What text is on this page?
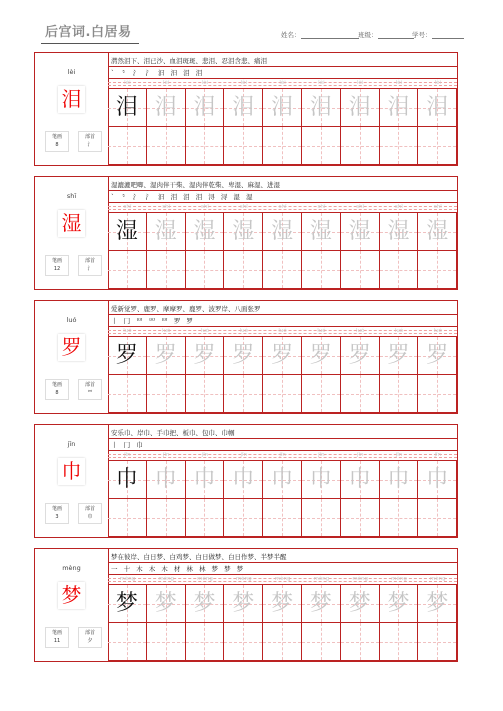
后宫词.白居易	姓名：	班级：	学号：
lèi
泪
笔画
8
部首
氵
潸然泪下、泪已沙、血泪斑斑、悲泪、忍泪含悲、痛泪
` ⺀ 氵 氵 汩 汩 泪 泪
lèi	lèi	lèi	lèi	lèi	lèi	lèi	lèi	lèi
泪 泪 泪 泪 泪 泪 泪 泪 泪
shī
湿
笔画
12
部首
氵
湿漉漉吧唧、湿肉伴干柴、湿肉伴乾柴、卑湿、麻湿、进湿
` ⺀ 氵 氵 汩 泪 泪 泪 浔 浔 湿 湿
shī	shī	shī	shī	shī	shī	shī	shī	shī
湿 湿 湿 湿 湿 湿 湿 湿 湿
luó
罗
笔画
8
部首
罒
爱新觉罗、鹿罗、摩摩罗、鹿罗、波罗岸、八面张罗
丨 冂 罒 罒 罒 罗 罗
luó	luó	luó	luó	luó	luó	luó	luó	luó
罗 罗 罗 罗 罗 罗 罗 罗 罗
jīn
巾
笔画
3
部首
巾
安乐巾、岸巾、手巾把、板巾、包巾、巾帼
丨 冂 巾
jīn	jīn	jīn	jīn	jīn	jīn	jīn	jīn	jīn
巾 巾 巾 巾 巾 巾 巾 巾 巾
mèng
梦
笔画
11
部首
夕
梦在彼岸、白日梦、白鸡梦、白日做梦、白日作梦、半梦半醒
一 十 木 木 木 材 林 林 梦 梦 梦
mèng	mèng	mèng	mèng	mèng	mèng	mèng	mèng	mèng
梦 梦 梦 梦 梦 梦 梦 梦 梦
